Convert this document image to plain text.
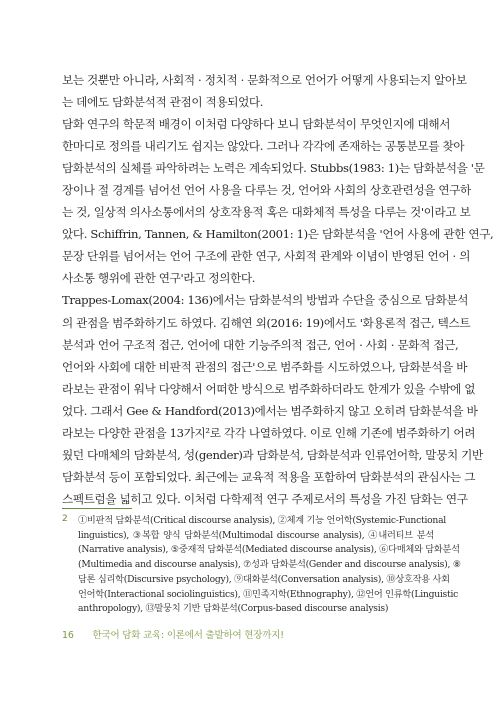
보는 것뿐만 아니라, 사회적 · 정치적 · 문화적으로 언어가 어떻게 사용되는지 알아보
는 데에도 담화분석적 관점이 적용되었다.
담화 연구의 학문적 배경이 이처럼 다양하다 보니 담화분석이 무엇인지에 대해서
한마디로 정의를 내리기도 쉽지는 않았다. 그러나 각각에 존재하는 공통분모를 찾아
담화분석의 실체를 파악하려는 노력은 계속되었다. Stubbs(1983: 1)는 담화분석을 '문
장이나 절 경계를 넘어선 언어 사용을 다루는 것, 언어와 사회의 상호관련성을 연구하
는 것, 일상적 의사소통에서의 상호작용적 혹은 대화체적 특성을 다루는 것'이라고 보
았다. Schiffrin, Tannen, & Hamilton(2001: 1)은 담화분석을 '언어 사용에 관한 연구,
문장 단위를 넘어서는 언어 구조에 관한 연구, 사회적 관계와 이념이 반영된 언어 · 의
사소통 행위에 관한 연구'라고 정의한다.
Trappes-Lomax(2004: 136)에서는 담화분석의 방법과 수단을 중심으로 담화분석
의 관점을 범주화하기도 하였다. 김해연 외(2016: 19)에서도 '화용론적 접근, 텍스트
분석과 언어 구조적 접근, 언어에 대한 기능주의적 접근, 언어 · 사회 · 문화적 접근,
언어와 사회에 대한 비판적 관점의 접근'으로 범주화를 시도하였으나, 담화분석을 바
라보는 관점이 워낙 다양해서 어떠한 방식으로 범주화하더라도 한계가 있을 수밖에 없
었다. 그래서 Gee & Handford(2013)에서는 범주화하지 않고 오히려 담화분석을 바
라보는 다양한 관점을 13가지²로 각각 나열하였다. 이로 인해 기존에 범주화하기 어려
웠던 다매체의 담화분석, 성(gender)과 담화분석, 담화분석과 인류언어학, 말뭉치 기반
담화분석 등이 포함되었다. 최근에는 교육적 적용을 포함하여 담화분석의 관심사는 그
스펙트럼을 넓히고 있다. 이처럼 다학제적 연구 주제로서의 특성을 가진 담화는 연구
2 ①비판적 담화분석(Critical discourse analysis), ②체계 기능 언어학(Systemic-Functional
linguistics), ③복합 양식 담화분석(Multimodal discourse analysis), ④내러티브 분석
(Narrative analysis), ⑤중재적 담화분석(Mediated discourse analysis), ⑥다매체와 담화분석
(Multimedia and discourse analysis), ⑦성과 담화분석(Gender and discourse analysis), ⑧
담론 심리학(Discursive psychology), ⑨대화분석(Conversation analysis), ⑩상호작용 사회
언어학(Interactional sociolinguistics), ⑪민족지학(Ethnography), ⑫언어 인류학(Linguistic
anthropology), ⑬말뭉치 기반 담화분석(Corpus-based discourse analysis)
16 한국어 담화 교육: 이론에서 출발하여 현장까지!
